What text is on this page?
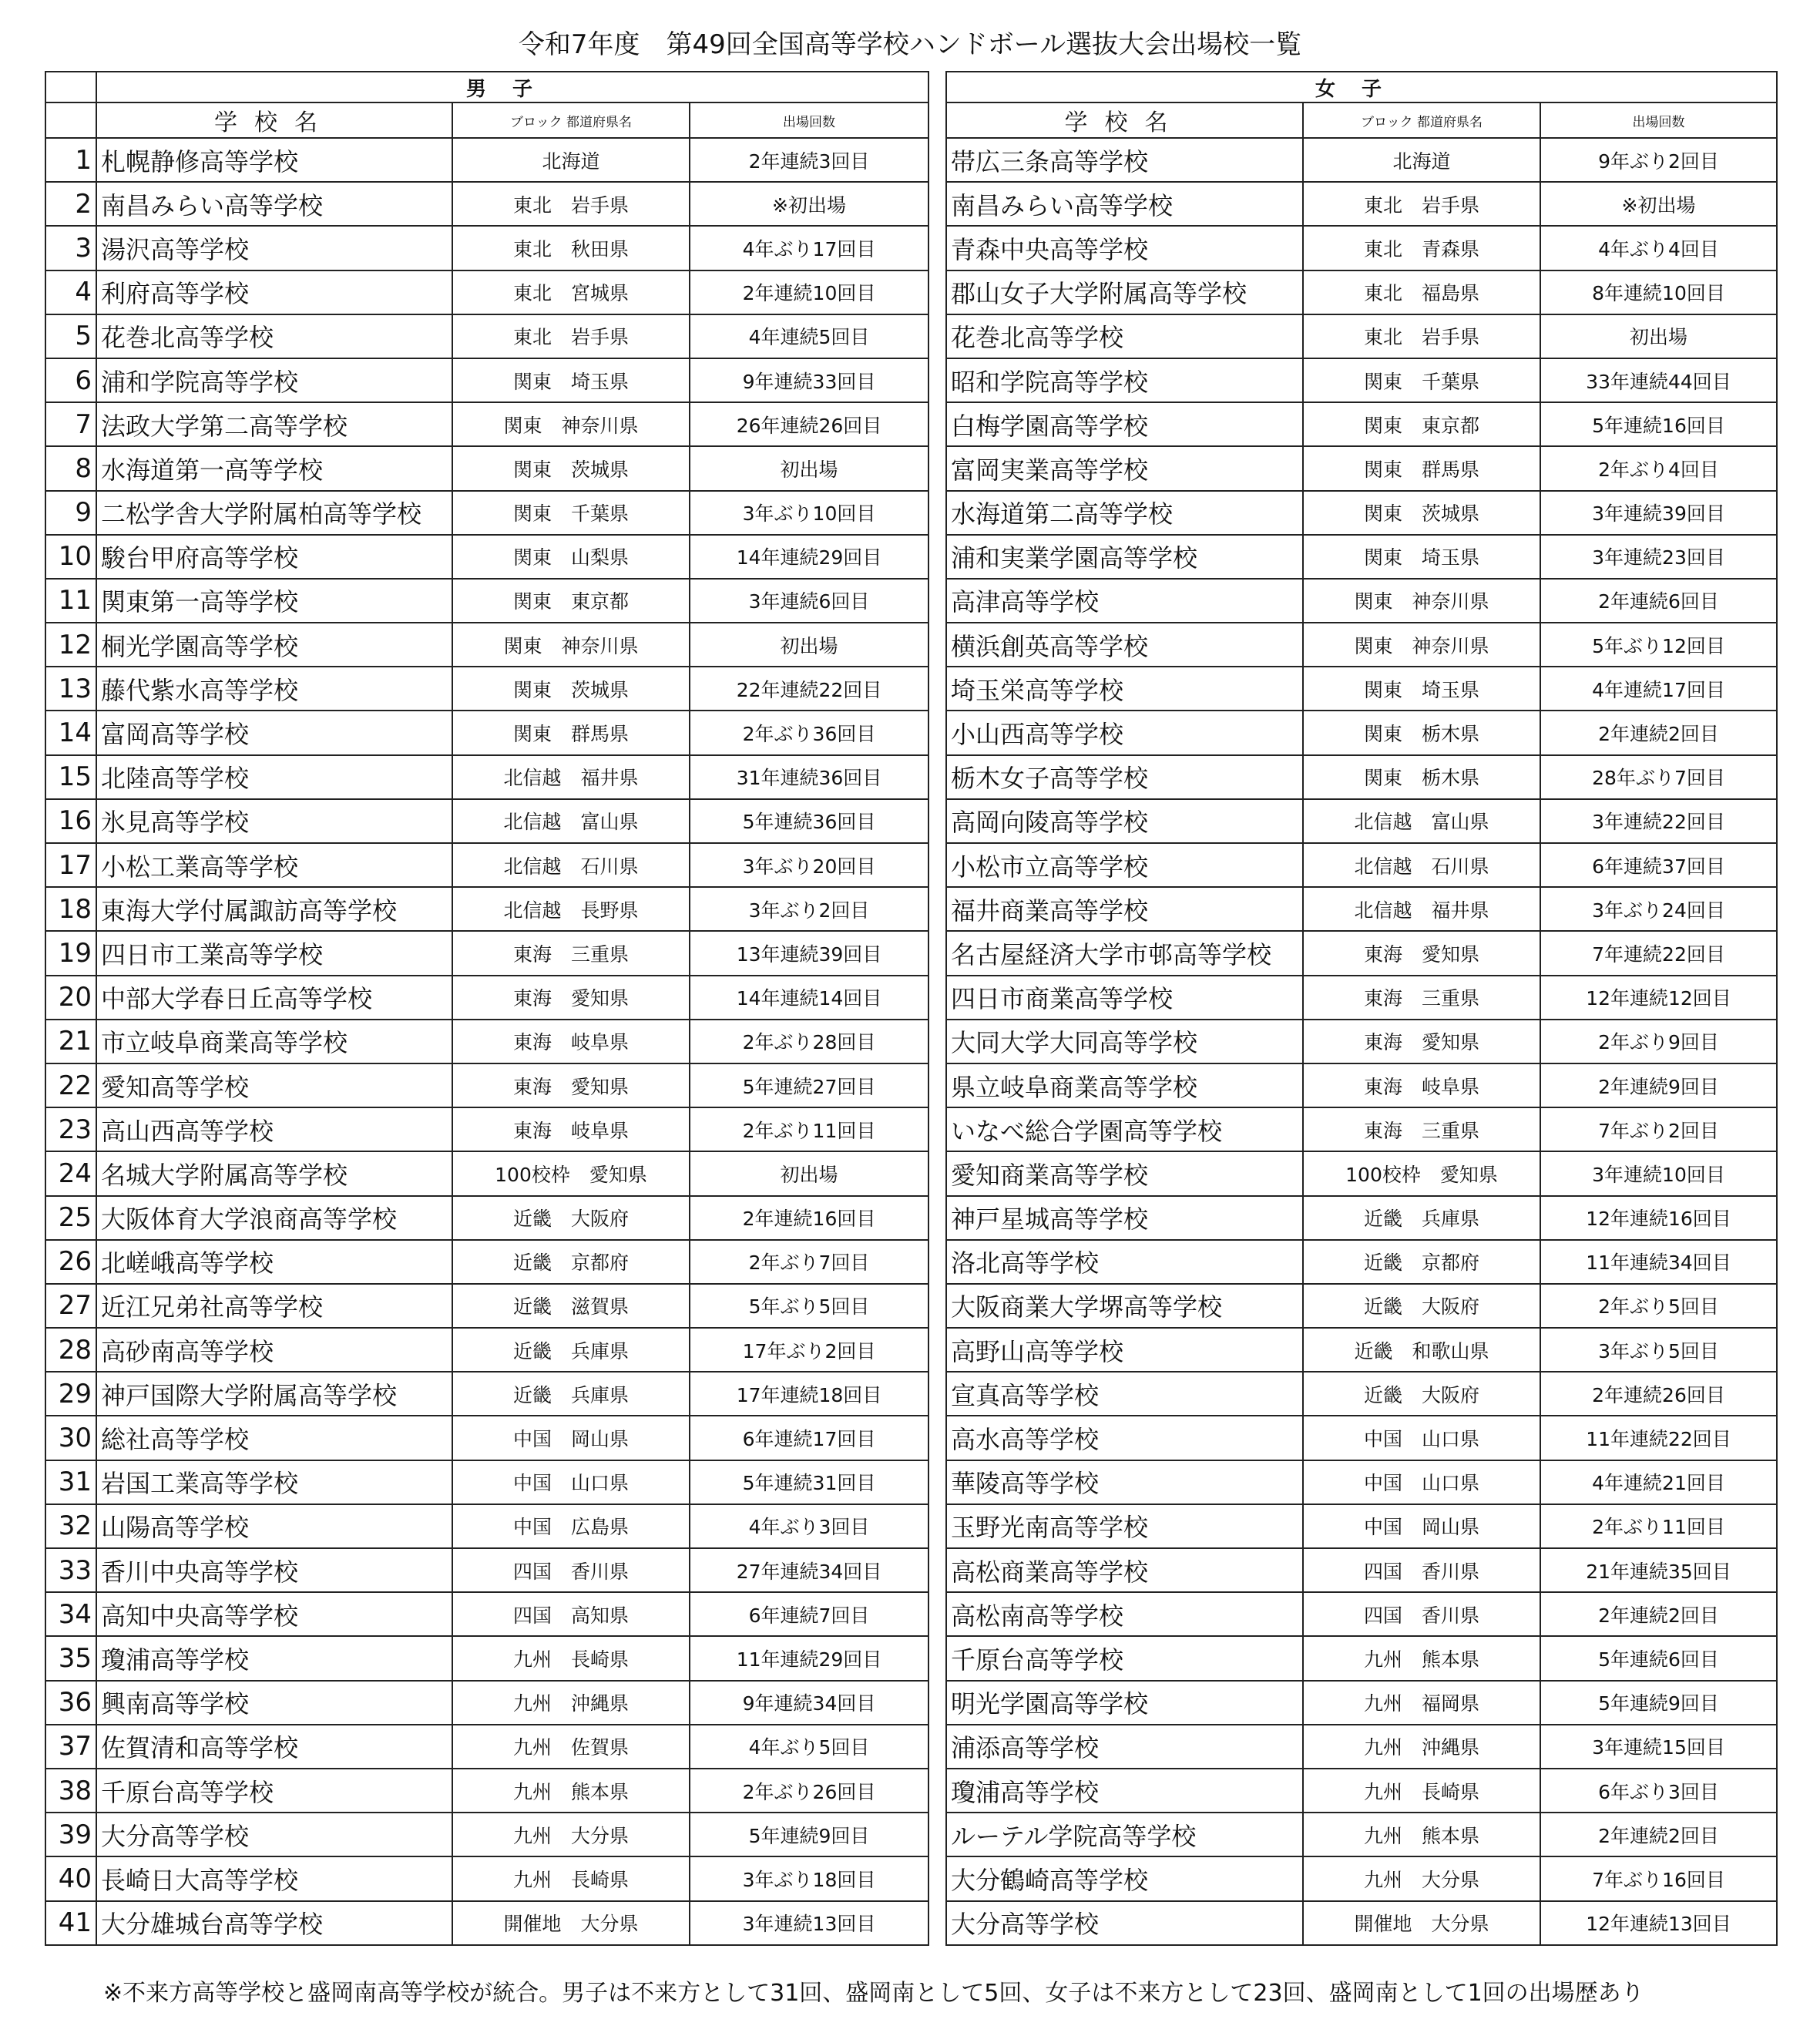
令和7年度　第49回全国高等学校ハンドボール選抜大会出場校一覧
	男子		
	学校名	ブロック 都道府県名	出場回数
1	札幌静修高等学校	北海道	2年連続3回目
2	南昌みらい高等学校	東北　岩手県	※初出場
3	湯沢高等学校	東北　秋田県	4年ぶり17回目
4	利府高等学校	東北　宮城県	2年連続10回目
5	花巻北高等学校	東北　岩手県	4年連続5回目
6	浦和学院高等学校	関東　埼玉県	9年連続33回目
7	法政大学第二高等学校	関東　神奈川県	26年連続26回目
8	水海道第一高等学校	関東　茨城県	初出場
9	二松学舎大学附属柏高等学校	関東　千葉県	3年ぶり10回目
10	駿台甲府高等学校	関東　山梨県	14年連続29回目
11	関東第一高等学校	関東　東京都	3年連続6回目
12	桐光学園高等学校	関東　神奈川県	初出場
13	藤代紫水高等学校	関東　茨城県	22年連続22回目
14	富岡高等学校	関東　群馬県	2年ぶり36回目
15	北陸高等学校	北信越　福井県	31年連続36回目
16	氷見高等学校	北信越　富山県	5年連続36回目
17	小松工業高等学校	北信越　石川県	3年ぶり20回目
18	東海大学付属諏訪高等学校	北信越　長野県	3年ぶり2回目
19	四日市工業高等学校	東海　三重県	13年連続39回目
20	中部大学春日丘高等学校	東海　愛知県	14年連続14回目
21	市立岐阜商業高等学校	東海　岐阜県	2年ぶり28回目
22	愛知高等学校	東海　愛知県	5年連続27回目
23	高山西高等学校	東海　岐阜県	2年ぶり11回目
24	名城大学附属高等学校	100校枠　愛知県	初出場
25	大阪体育大学浪商高等学校	近畿　大阪府	2年連続16回目
26	北嵯峨高等学校	近畿　京都府	2年ぶり7回目
27	近江兄弟社高等学校	近畿　滋賀県	5年ぶり5回目
28	高砂南高等学校	近畿　兵庫県	17年ぶり2回目
29	神戸国際大学附属高等学校	近畿　兵庫県	17年連続18回目
30	総社高等学校	中国　岡山県	6年連続17回目
31	岩国工業高等学校	中国　山口県	5年連続31回目
32	山陽高等学校	中国　広島県	4年ぶり3回目
33	香川中央高等学校	四国　香川県	27年連続34回目
34	高知中央高等学校	四国　高知県	6年連続7回目
35	瓊浦高等学校	九州　長崎県	11年連続29回目
36	興南高等学校	九州　沖縄県	9年連続34回目
37	佐賀清和高等学校	九州　佐賀県	4年ぶり5回目
38	千原台高等学校	九州　熊本県	2年ぶり26回目
39	大分高等学校	九州　大分県	5年連続9回目
40	長崎日大高等学校	九州　長崎県	3年ぶり18回目
41	大分雄城台高等学校	開催地　大分県	3年連続13回目
女子		
学校名	ブロック 都道府県名	出場回数
帯広三条高等学校	北海道	9年ぶり2回目
南昌みらい高等学校	東北　岩手県	※初出場
青森中央高等学校	東北　青森県	4年ぶり4回目
郡山女子大学附属高等学校	東北　福島県	8年連続10回目
花巻北高等学校	東北　岩手県	初出場
昭和学院高等学校	関東　千葉県	33年連続44回目
白梅学園高等学校	関東　東京都	5年連続16回目
富岡実業高等学校	関東　群馬県	2年ぶり4回目
水海道第二高等学校	関東　茨城県	3年連続39回目
浦和実業学園高等学校	関東　埼玉県	3年連続23回目
高津高等学校	関東　神奈川県	2年連続6回目
横浜創英高等学校	関東　神奈川県	5年ぶり12回目
埼玉栄高等学校	関東　埼玉県	4年連続17回目
小山西高等学校	関東　栃木県	2年連続2回目
栃木女子高等学校	関東　栃木県	28年ぶり7回目
高岡向陵高等学校	北信越　富山県	3年連続22回目
小松市立高等学校	北信越　石川県	6年連続37回目
福井商業高等学校	北信越　福井県	3年ぶり24回目
名古屋経済大学市邨高等学校	東海　愛知県	7年連続22回目
四日市商業高等学校	東海　三重県	12年連続12回目
大同大学大同高等学校	東海　愛知県	2年ぶり9回目
県立岐阜商業高等学校	東海　岐阜県	2年連続9回目
いなべ総合学園高等学校	東海　三重県	7年ぶり2回目
愛知商業高等学校	100校枠　愛知県	3年連続10回目
神戸星城高等学校	近畿　兵庫県	12年連続16回目
洛北高等学校	近畿　京都府	11年連続34回目
大阪商業大学堺高等学校	近畿　大阪府	2年ぶり5回目
高野山高等学校	近畿　和歌山県	3年ぶり5回目
宣真高等学校	近畿　大阪府	2年連続26回目
高水高等学校	中国　山口県	11年連続22回目
華陵高等学校	中国　山口県	4年連続21回目
玉野光南高等学校	中国　岡山県	2年ぶり11回目
高松商業高等学校	四国　香川県	21年連続35回目
高松南高等学校	四国　香川県	2年連続2回目
千原台高等学校	九州　熊本県	5年連続6回目
明光学園高等学校	九州　福岡県	5年連続9回目
浦添高等学校	九州　沖縄県	3年連続15回目
瓊浦高等学校	九州　長崎県	6年ぶり3回目
ルーテル学院高等学校	九州　熊本県	2年連続2回目
大分鶴崎高等学校	九州　大分県	7年ぶり16回目
大分高等学校	開催地　大分県	12年連続13回目
※不来方高等学校と盛岡南高等学校が統合。男子は不来方として31回、盛岡南として5回、女子は不来方として23回、盛岡南として1回の出場歴あり
